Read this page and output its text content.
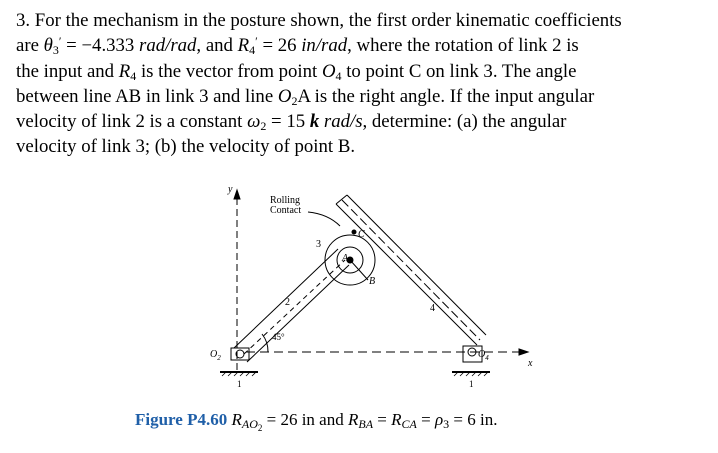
3. For the mechanism in the posture shown, the first order kinematic coefficients

are $\theta_3' = -4.333$ rad/rad, and $R_4' = 26$ in/rad, where the rotation of link 2 is

the input and $R_4$ is the vector from point $O_4$ to point C on link 3. The angle

between line AB in link 3 and line $O_2A$ is the right angle. If the input angular

velocity of link 2 is a constant $\omega_2 = 15$ k rad/s, determine: (a) the angular

velocity of link 3; (b) the velocity of point B.

y
x
Rolling
Contact
3
A
B
C
2
4
45°
$O_2$	$O_4$
1	1
Figure P4.60 $R_{AO2} = 26$ in and $R_{BA} = R_{CA} = \rho_3 = 6$ in.
